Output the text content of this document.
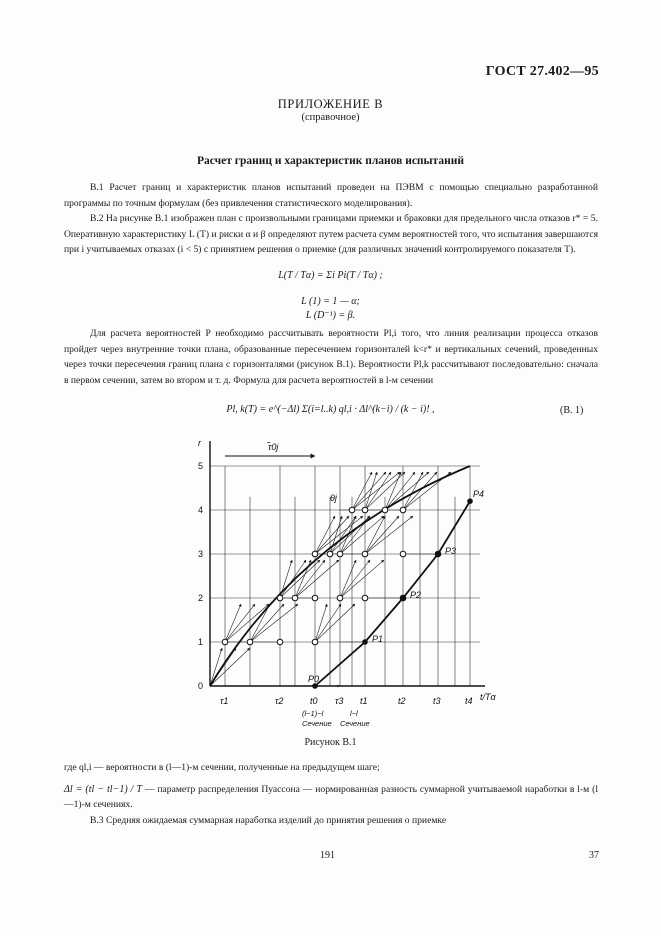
ГОСТ 27.402—95
ПРИЛОЖЕНИЕ В
(справочное)
Расчет границ и характеристик планов испытаний

В.1 Расчет границ и характеристик планов испытаний проведен на ПЭВМ с помощью специально разработанной программы по точным формулам (без привлечения статистического моделирования).

В.2 На рисунке В.1 изображен план с произвольными границами приемки и браковки для предельного числа отказов r* = 5. Оперативную характеристику L (T) и риски α и β определяют путем расчета сумм вероятностей того, что испытания завершаются при i учитываемых отказах (i < 5) с принятием решения о приемке (для различных значений контролируемого показателя T).

L(T / Tα) = Σi Pi(T / Tα) ;
L (1) = 1 — α;
L (D⁻¹) = β.

Для расчета вероятностей P необходимо рассчитывать вероятности Pl,i того, что линия реализации процесса отказов пройдет через внутренние точки плана, образованные пересечением горизонталей k<r* и вертикальных сечений, проведенных через точки пересечения границ плана с горизонталями (рисунок В.1). Вероятности Pl,k рассчитывают последовательно: сначала в первом сечении, затем во втором и т. д. Формула для расчета вероятностей в l-м сечении

Pl, k(T) = e^(−Δl) Σ(i=l..k) ql,i · Δl^(k−i) / (k − i)! ,	(В. 1)
r
0
1
2
3
4
5
τ1	τ2	t0 τ3 t1	t2	t3	t4 t/Tα
τ̃0j
θj
P0
P1
P2
P3
P4
(l−1)−l	l−l
Сечение Сечение
Рисунок В.1

где ql,i — вероятности в (l—1)-м сечении, полученные на предыдущем шаге;

Δl = (tl − tl−1) / T — параметр распределения Пуассона — нормированная разность суммарной учитываемой наработки в l-м (l—1)-м сечениях.

В.3 Средняя ожидаемая суммарная наработка изделий до принятия решения о приемке

191	37
